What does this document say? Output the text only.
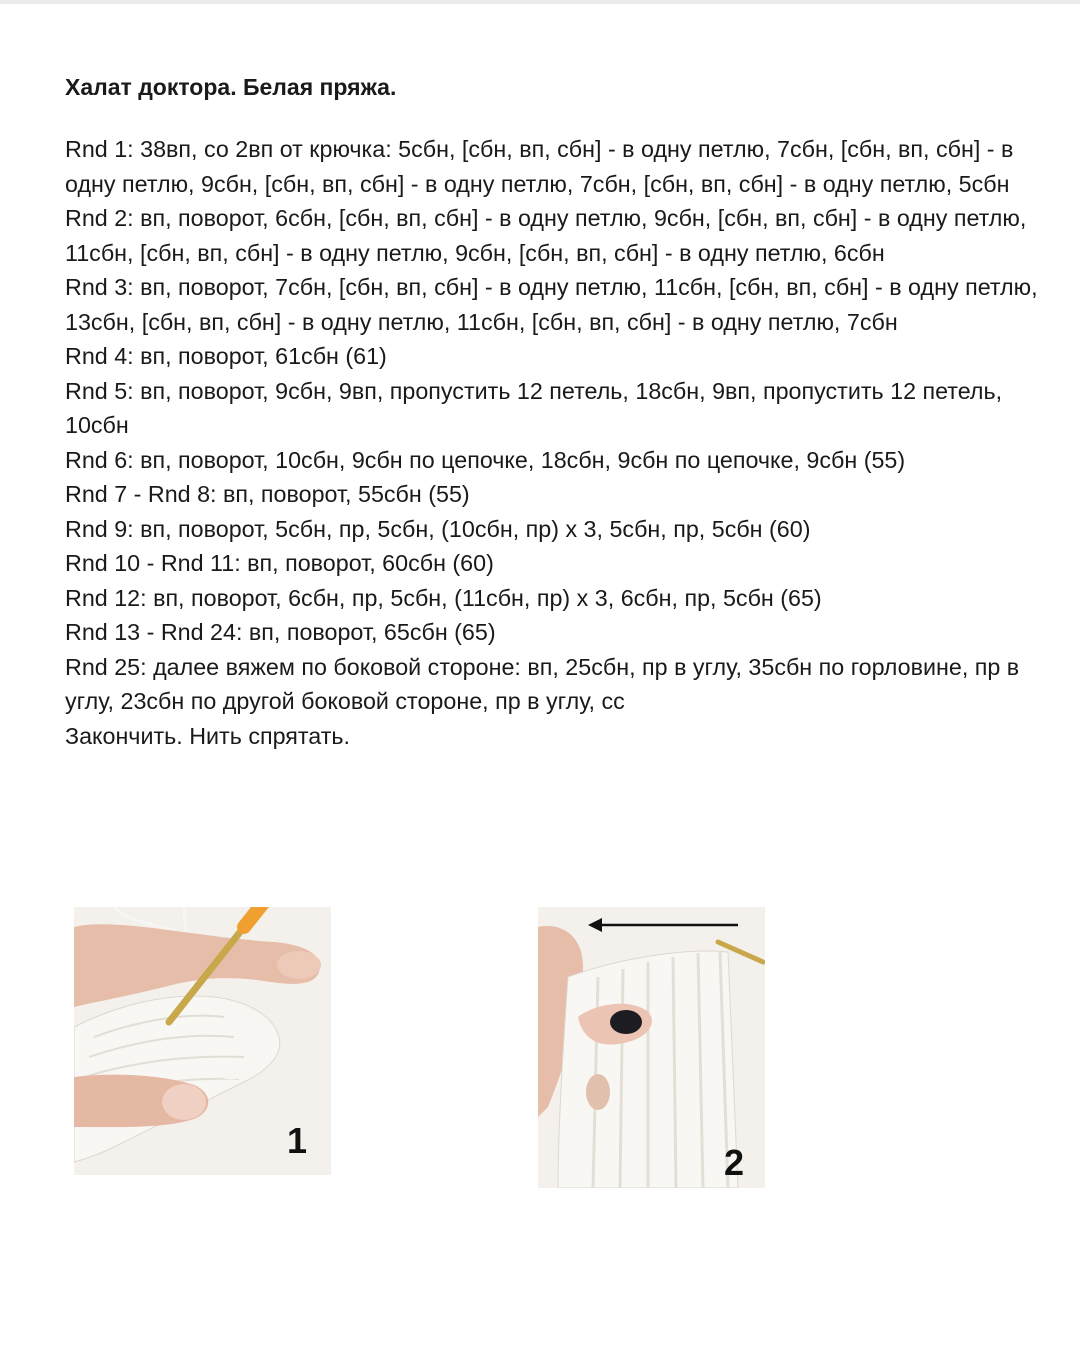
Халат доктора. Белая пряжа.
Rnd 1: 38вп, со 2вп от крючка: 5сбн, [сбн, вп, сбн] - в одну петлю, 7сбн, [сбн, вп, сбн] - в одну петлю, 9сбн, [сбн, вп, сбн] - в одну петлю, 7сбн, [сбн, вп, сбн] - в одну петлю, 5сбн
Rnd 2: вп, поворот, 6сбн, [сбн, вп, сбн] - в одну петлю, 9сбн, [сбн, вп, сбн] - в одну петлю, 11сбн, [сбн, вп, сбн] - в одну петлю, 9сбн, [сбн, вп, сбн] - в одну петлю, 6сбн
Rnd 3: вп, поворот, 7сбн, [сбн, вп, сбн] - в одну петлю, 11сбн, [сбн, вп, сбн] - в одну петлю, 13сбн, [сбн, вп, сбн] - в одну петлю, 11сбн, [сбн, вп, сбн] - в одну петлю, 7сбн
Rnd 4: вп, поворот, 61сбн (61)
Rnd 5: вп, поворот, 9сбн, 9вп, пропустить 12 петель, 18сбн, 9вп, пропустить 12 петель, 10сбн
Rnd 6: вп, поворот, 10сбн, 9сбн по цепочке, 18сбн, 9сбн по цепочке, 9сбн (55)
Rnd 7 - Rnd 8: вп, поворот, 55сбн (55)
Rnd 9: вп, поворот, 5сбн, пр, 5сбн, (10сбн, пр) х 3, 5сбн, пр, 5сбн (60)
Rnd 10 - Rnd 11: вп, поворот, 60сбн (60)
Rnd 12: вп, поворот, 6сбн, пр, 5сбн, (11сбн, пр) х 3, 6сбн, пр, 5сбн (65)
Rnd 13 - Rnd 24: вп, поворот, 65сбн (65)
Rnd 25: далее вяжем по боковой стороне: вп, 25сбн, пр в углу, 35сбн по горловине, пр в углу, 23сбн по другой боковой стороне, пр в углу, сс

Закончить. Нить спрятать.

1
2
